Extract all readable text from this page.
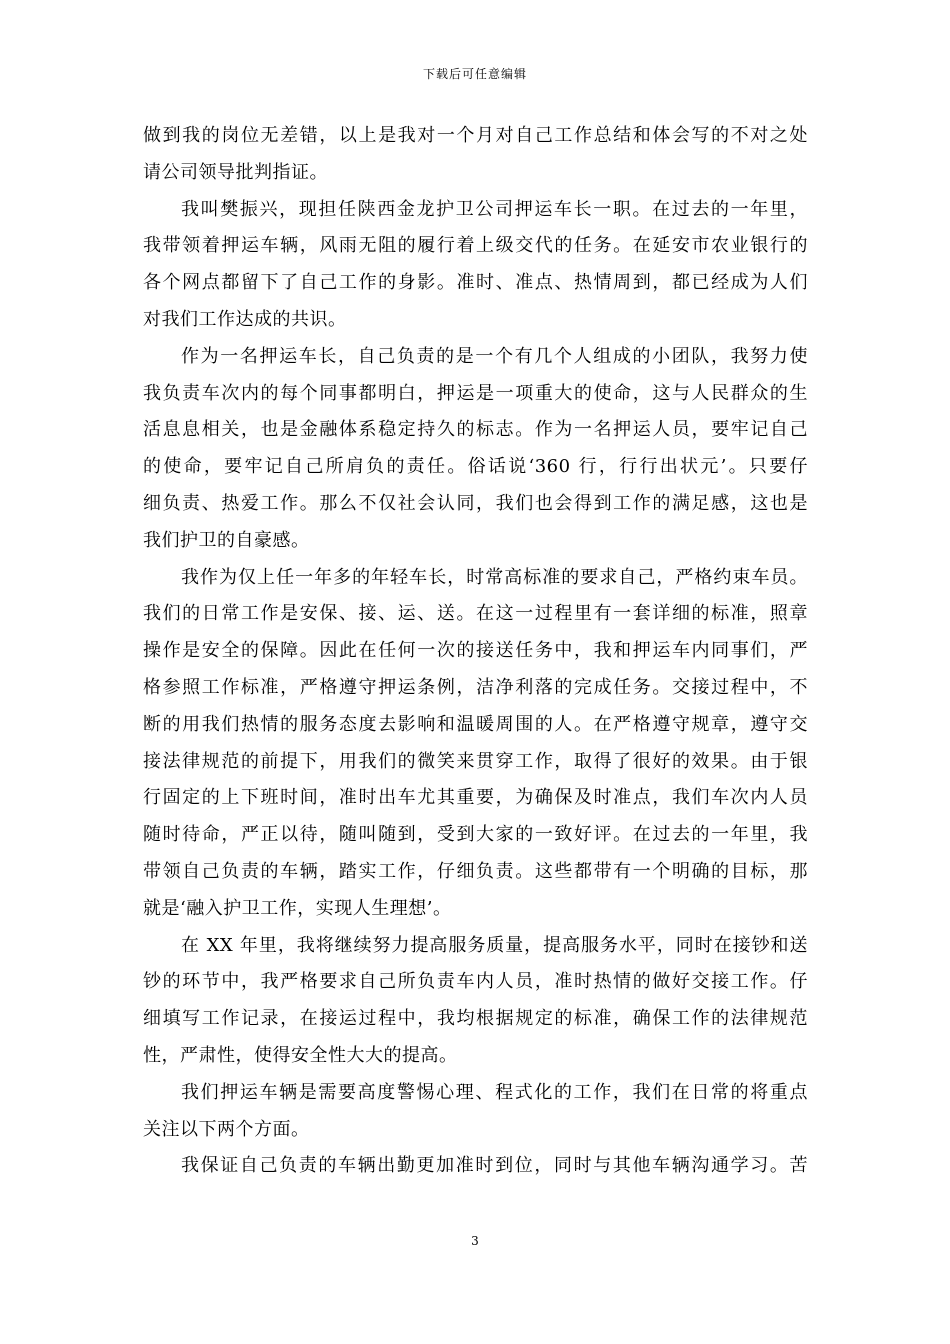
下载后可任意编辑
做到我的岗位无差错，以上是我对一个月对自己工作总结和体会写的不对之处
请公司领导批判指证。
我叫樊振兴，现担任陕西金龙护卫公司押运车长一职。在过去的一年里，
我带领着押运车辆，风雨无阻的履行着上级交代的任务。在延安市农业银行的
各个网点都留下了自己工作的身影。准时、准点、热情周到，都已经成为人们
对我们工作达成的共识。
作为一名押运车长，自己负责的是一个有几个人组成的小团队，我努力使
我负责车次内的每个同事都明白，押运是一项重大的使命，这与人民群众的生
活息息相关，也是金融体系稳定持久的标志。作为一名押运人员，要牢记自己
的使命，要牢记自己所肩负的责任。俗话说‘360 行，行行出状元’。只要仔
细负责、热爱工作。那么不仅社会认同，我们也会得到工作的满足感，这也是
我们护卫的自豪感。
我作为仅上任一年多的年轻车长，时常高标准的要求自己，严格约束车员。
我们的日常工作是安保、接、运、送。在这一过程里有一套详细的标准，照章
操作是安全的保障。因此在任何一次的接送任务中，我和押运车内同事们，严
格参照工作标准，严格遵守押运条例，洁净利落的完成任务。交接过程中，不
断的用我们热情的服务态度去影响和温暖周围的人。在严格遵守规章，遵守交
接法律规范的前提下，用我们的微笑来贯穿工作，取得了很好的效果。由于银
行固定的上下班时间，准时出车尤其重要，为确保及时准点，我们车次内人员
随时待命，严正以待，随叫随到，受到大家的一致好评。在过去的一年里，我
带领自己负责的车辆，踏实工作，仔细负责。这些都带有一个明确的目标，那
就是‘融入护卫工作，实现人生理想’。
在 XX 年里，我将继续努力提高服务质量，提高服务水平，同时在接钞和送
钞的环节中，我严格要求自己所负责车内人员，准时热情的做好交接工作。仔
细填写工作记录，在接运过程中，我均根据规定的标准，确保工作的法律规范
性，严肃性，使得安全性大大的提高。
我们押运车辆是需要高度警惕心理、程式化的工作，我们在日常的将重点
关注以下两个方面。
我保证自己负责的车辆出勤更加准时到位，同时与其他车辆沟通学习。苦
3
